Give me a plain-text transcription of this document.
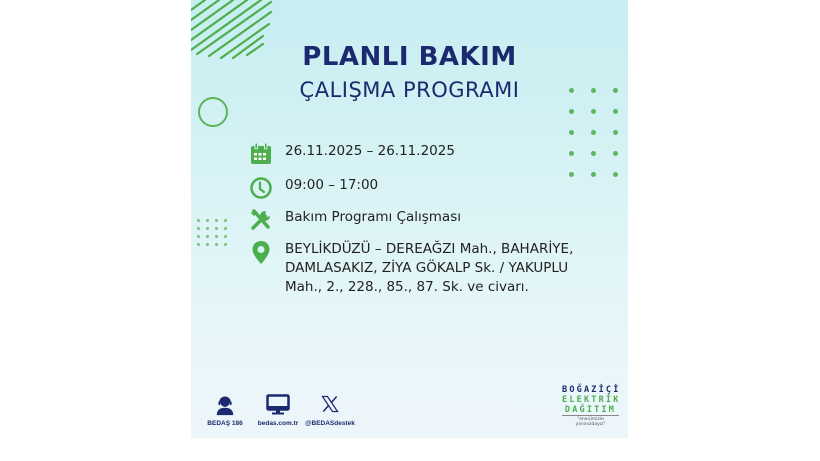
PLANLI BAKIM
ÇALIŞMA PROGRAMI
26.11.2025 – 26.11.2025
09:00 – 17:00
Bakım Programı Çalışması
BEYLİKDÜZÜ – DEREAĞZI Mah., BAHARİYE, DAMLASAKIZ, ZİYA GÖKALP Sk. / YAKUPLU Mah., 2., 228., 85., 87. Sk. ve civarı.
BEDAŞ 186	bedas.com.tr	@BEDASdestek
BOĞAZİÇİ
ELEKTRİK
DAĞITIM
"enerjimizle yanınızdayız"
